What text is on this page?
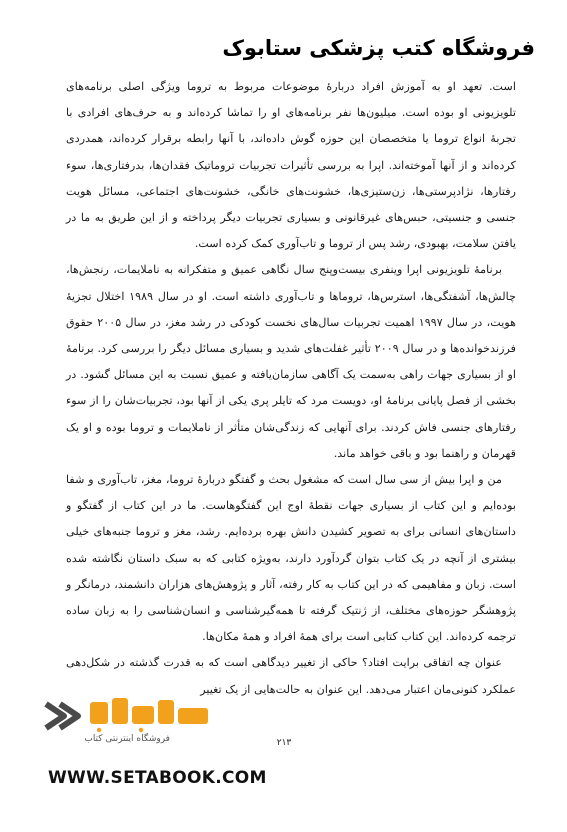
فروشگاه کتب پزشکی ستابوک

است. تعهد او به آموزش افراد دربارۀ موضوعات مربوط به تروما ویژگی اصلی برنامه‌های تلویزیونی او بوده است. میلیون‌ها نفر برنامه‌های او را تماشا کرده‌اند و به حرف‌های افرادی با تجربۀ انواع تروما یا متخصصان این حوزه گوش داده‌اند، با آنها رابطه برقرار کرده‌اند، همدردی کرده‌اند و از آنها آموخته‌اند. اپرا به بررسی تأثیرات تجربیات تروماتیک فقدان‌ها، بدرفتاری‌ها، سوء رفتارها، نژادپرستی‌ها، زن‌ستیزی‌ها، خشونت‌های خانگی، خشونت‌های اجتماعی، مسائل هویت جنسی و جنسیتی، حبس‌های غیرقانونی و بسیاری تجربیات دیگر پرداخته و از این طریق به ما در یافتن سلامت، بهبودی، رشد پس از تروما و تاب‌آوری کمک کرده است.

برنامۀ تلویزیونی اپرا وینفری بیست‌وپنج سال نگاهی عمیق و متفکرانه به ناملایمات، رنجش‌ها، چالش‌ها، آشفتگی‌ها، استرس‌ها، تروماها و تاب‌آوری داشته است. او در سال ۱۹۸۹ اختلال تجزیۀ هویت، در سال ۱۹۹۷ اهمیت تجربیات سال‌های نخست کودکی در رشد مغز، در سال ۲۰۰۵ حقوق فرزندخوانده‌ها و در سال ۲۰۰۹ تأثیر غفلت‌های شدید و بسیاری مسائل دیگر را بررسی کرد. برنامۀ او از بسیاری جهات راهی به‌سمت یک آگاهی سازمان‌یافته و عمیق نسبت به این مسائل گشود. در بخشی از فصل پایانی برنامۀ او، دویست مرد که تایلر پری یکی از آنها بود، تجربیات‌شان را از سوء رفتارهای جنسی فاش کردند. برای آنهایی که زندگی‌شان متأثر از ناملایمات و تروما بوده و او یک قهرمان و راهنما بود و باقی خواهد ماند.

من و اپرا بیش از سی سال است که مشغول بحث و گفتگو دربارۀ تروما، مغز، تاب‌آوری و شفا بوده‌ایم و این کتاب از بسیاری جهات نقطۀ اوج این گفتگوهاست. ما در این کتاب از گفتگو و داستان‌های انسانی برای به تصویر کشیدن دانش بهره برده‌ایم. رشد، مغز و تروما جنبه‌های خیلی بیشتری از آنچه در یک کتاب بتوان گردآورد دارند، به‌ویژه کتابی که به سبک داستان نگاشته شده است. زبان و مفاهیمی که در این کتاب به کار رفته، آثار و پژوهش‌های هزاران دانشمند، درمانگر و پژوهشگر حوزه‌های مختلف، از ژنتیک گرفته تا همه‌گیرشناسی و انسان‌شناسی را به زبان ساده ترجمه کرده‌اند. این کتاب کتابی است برای همۀ افراد و همۀ مکان‌ها.

عنوان چه اتفاقی برایت افتاد؟ حاکی از تغییر دیدگاهی است که به قدرت گذشته در شکل‌دهی عملکرد کنونی‌مان اعتبار می‌دهد. این عنوان به حالت‌هایی از یک تغییر

فروشگاه اینترنتی کتاب	۲۱۳
WWW.SETABOOK.COM
